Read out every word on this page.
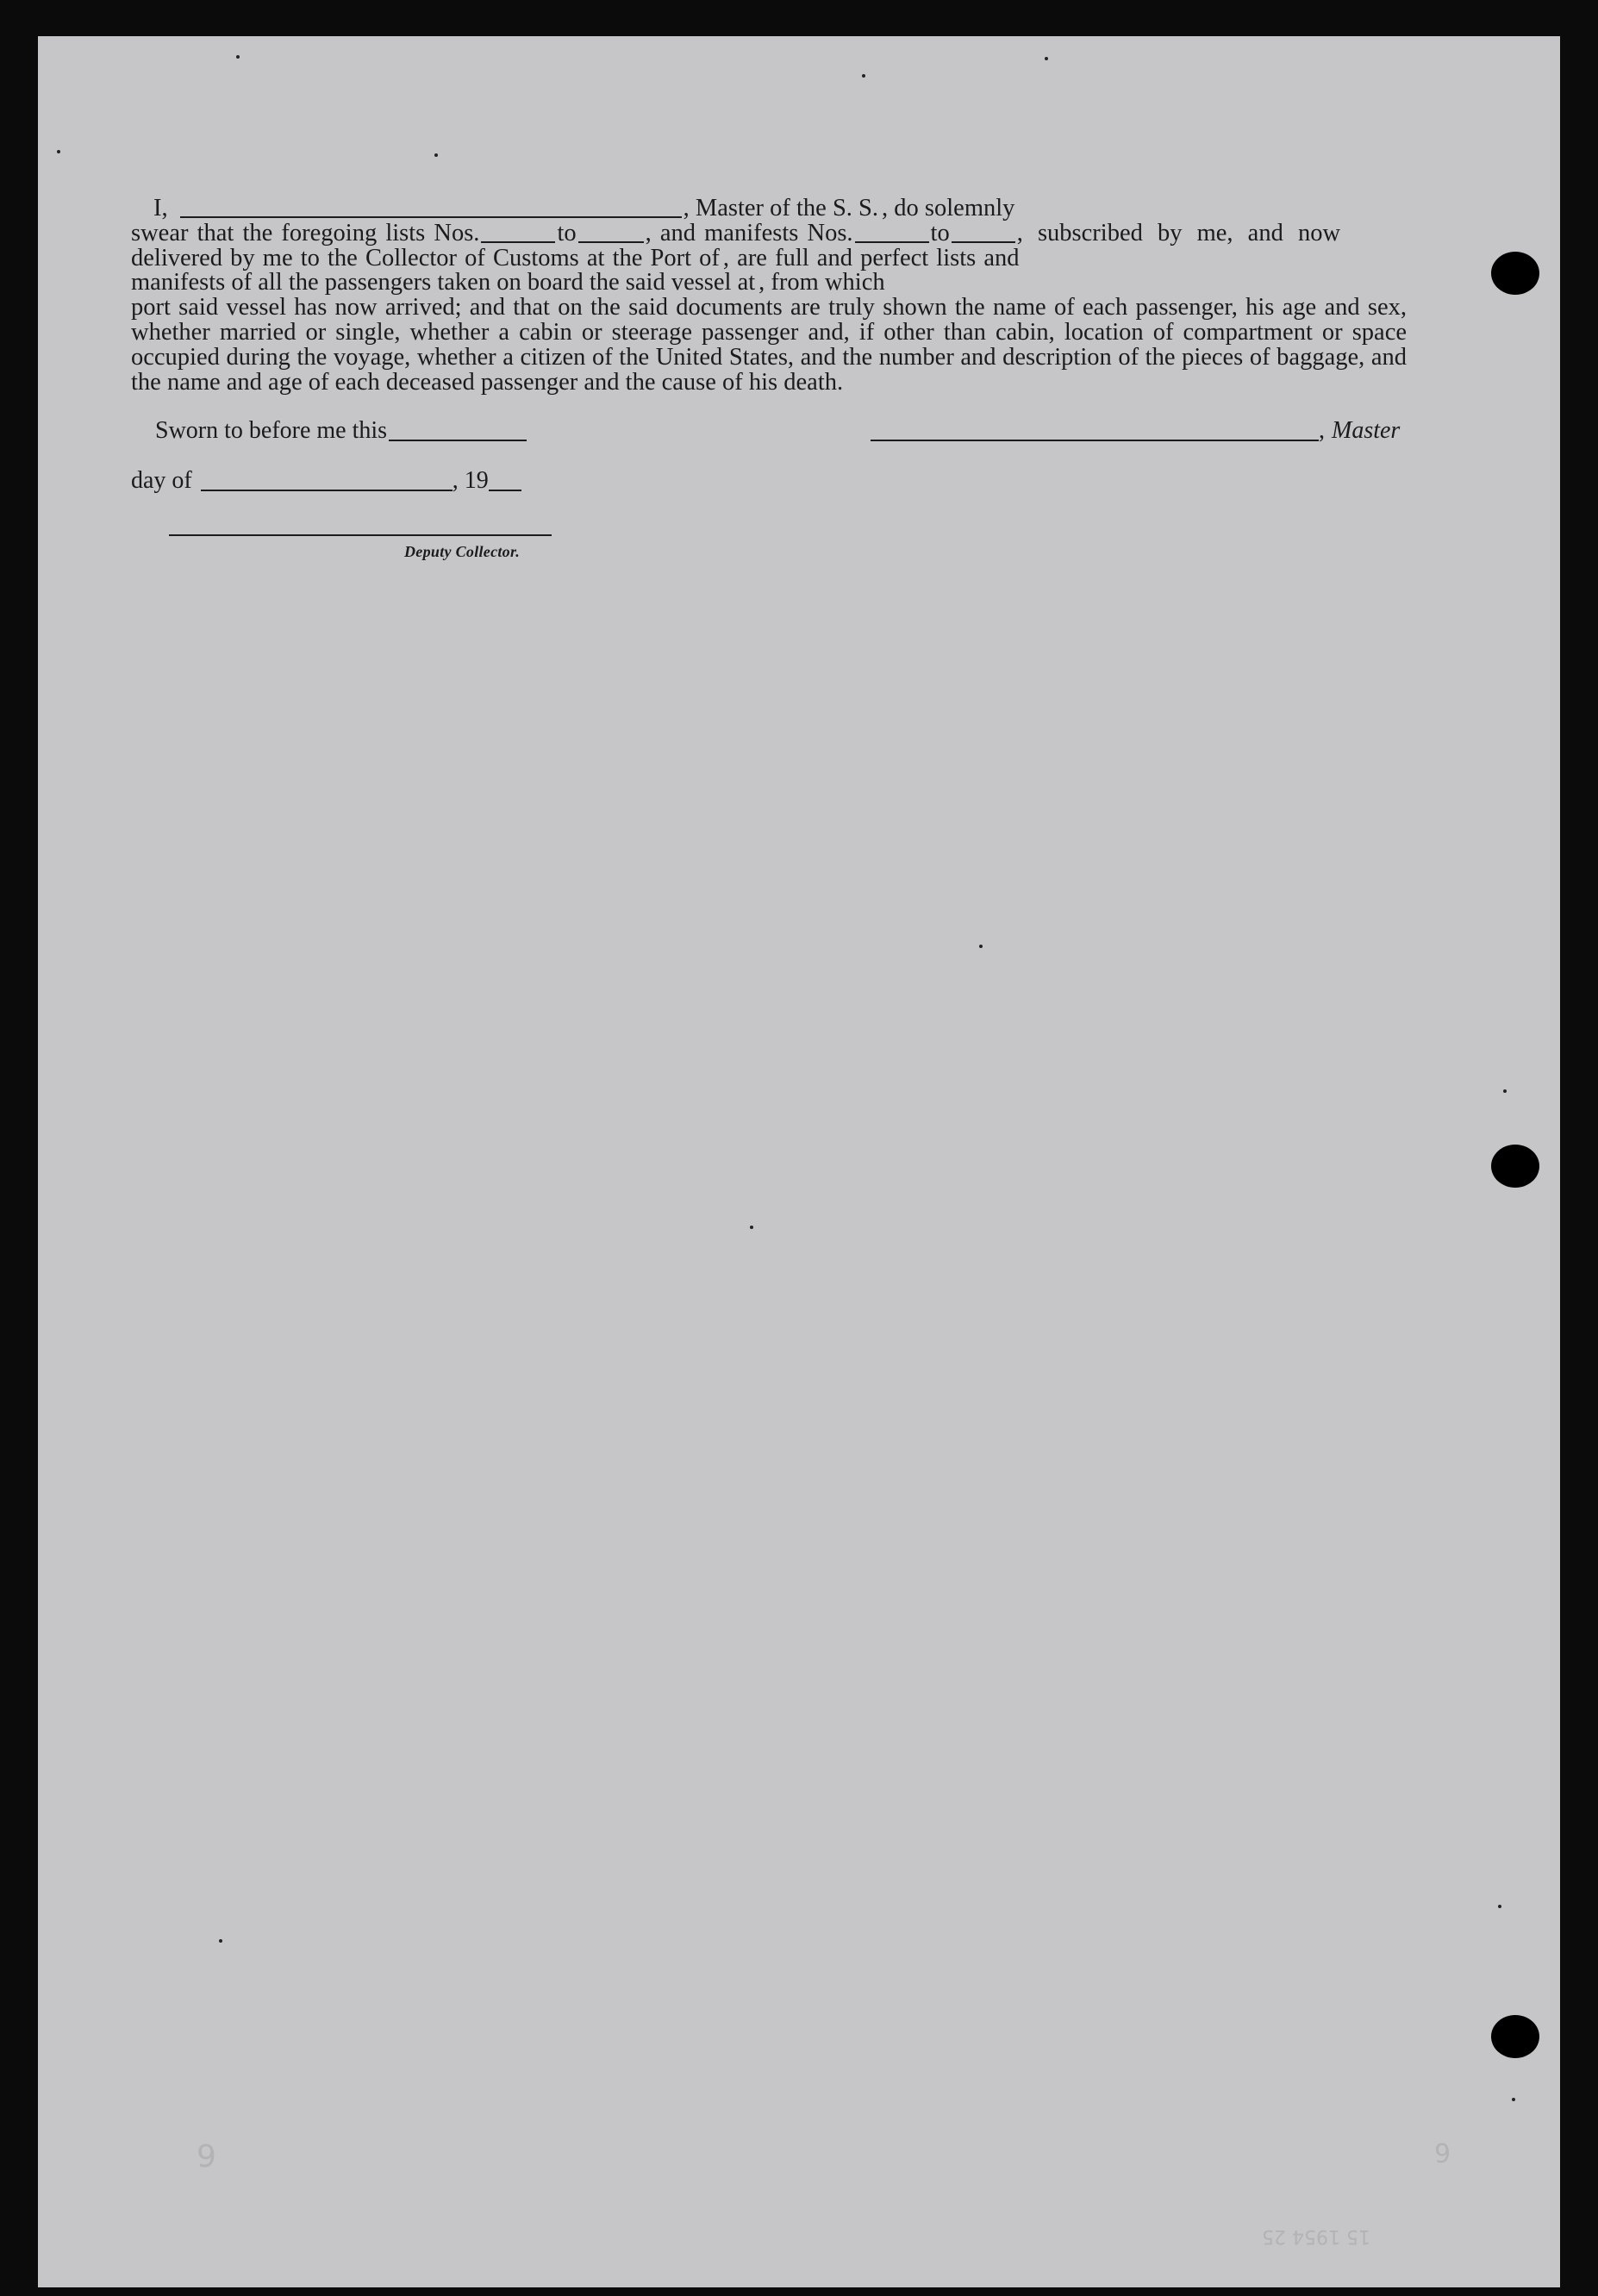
I,	, Master of the S. S. , do solemnly
swear that the foregoing lists Nos.	to	, and manifests Nos.	to	, subscribed by me, and now
delivered by me to the Collector of Customs at the Port of , are full and perfect lists and
manifests of all the passengers taken on board the said vessel at , from which
port said vessel has now arrived; and that on the said documents are truly shown the name of each passenger, his age and sex, whether married or single, whether a cabin or steerage passenger and, if other than cabin, location of compartment or space occupied during the voyage, whether a citizen of the United States, and the number and description of the pieces of baggage, and the name and age of each deceased passenger and the cause of his death.
Sworn to before me this	, Master
day of	, 19
Deputy Collector.
9	9
15 1954 25
